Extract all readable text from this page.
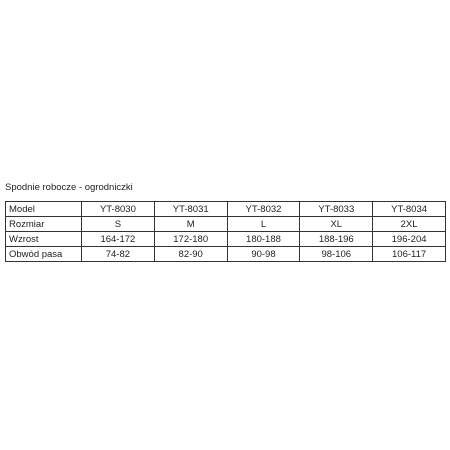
Spodnie robocze - ogrodniczki
Model	YT-8030	YT-8031	YT-8032	YT-8033	YT-8034
Rozmiar	S	M	L	XL	2XL
Wzrost	164-172	172-180	180-188	188-196	196-204
Obwód pasa	74-82	82-90	90-98	98-106	106-117
